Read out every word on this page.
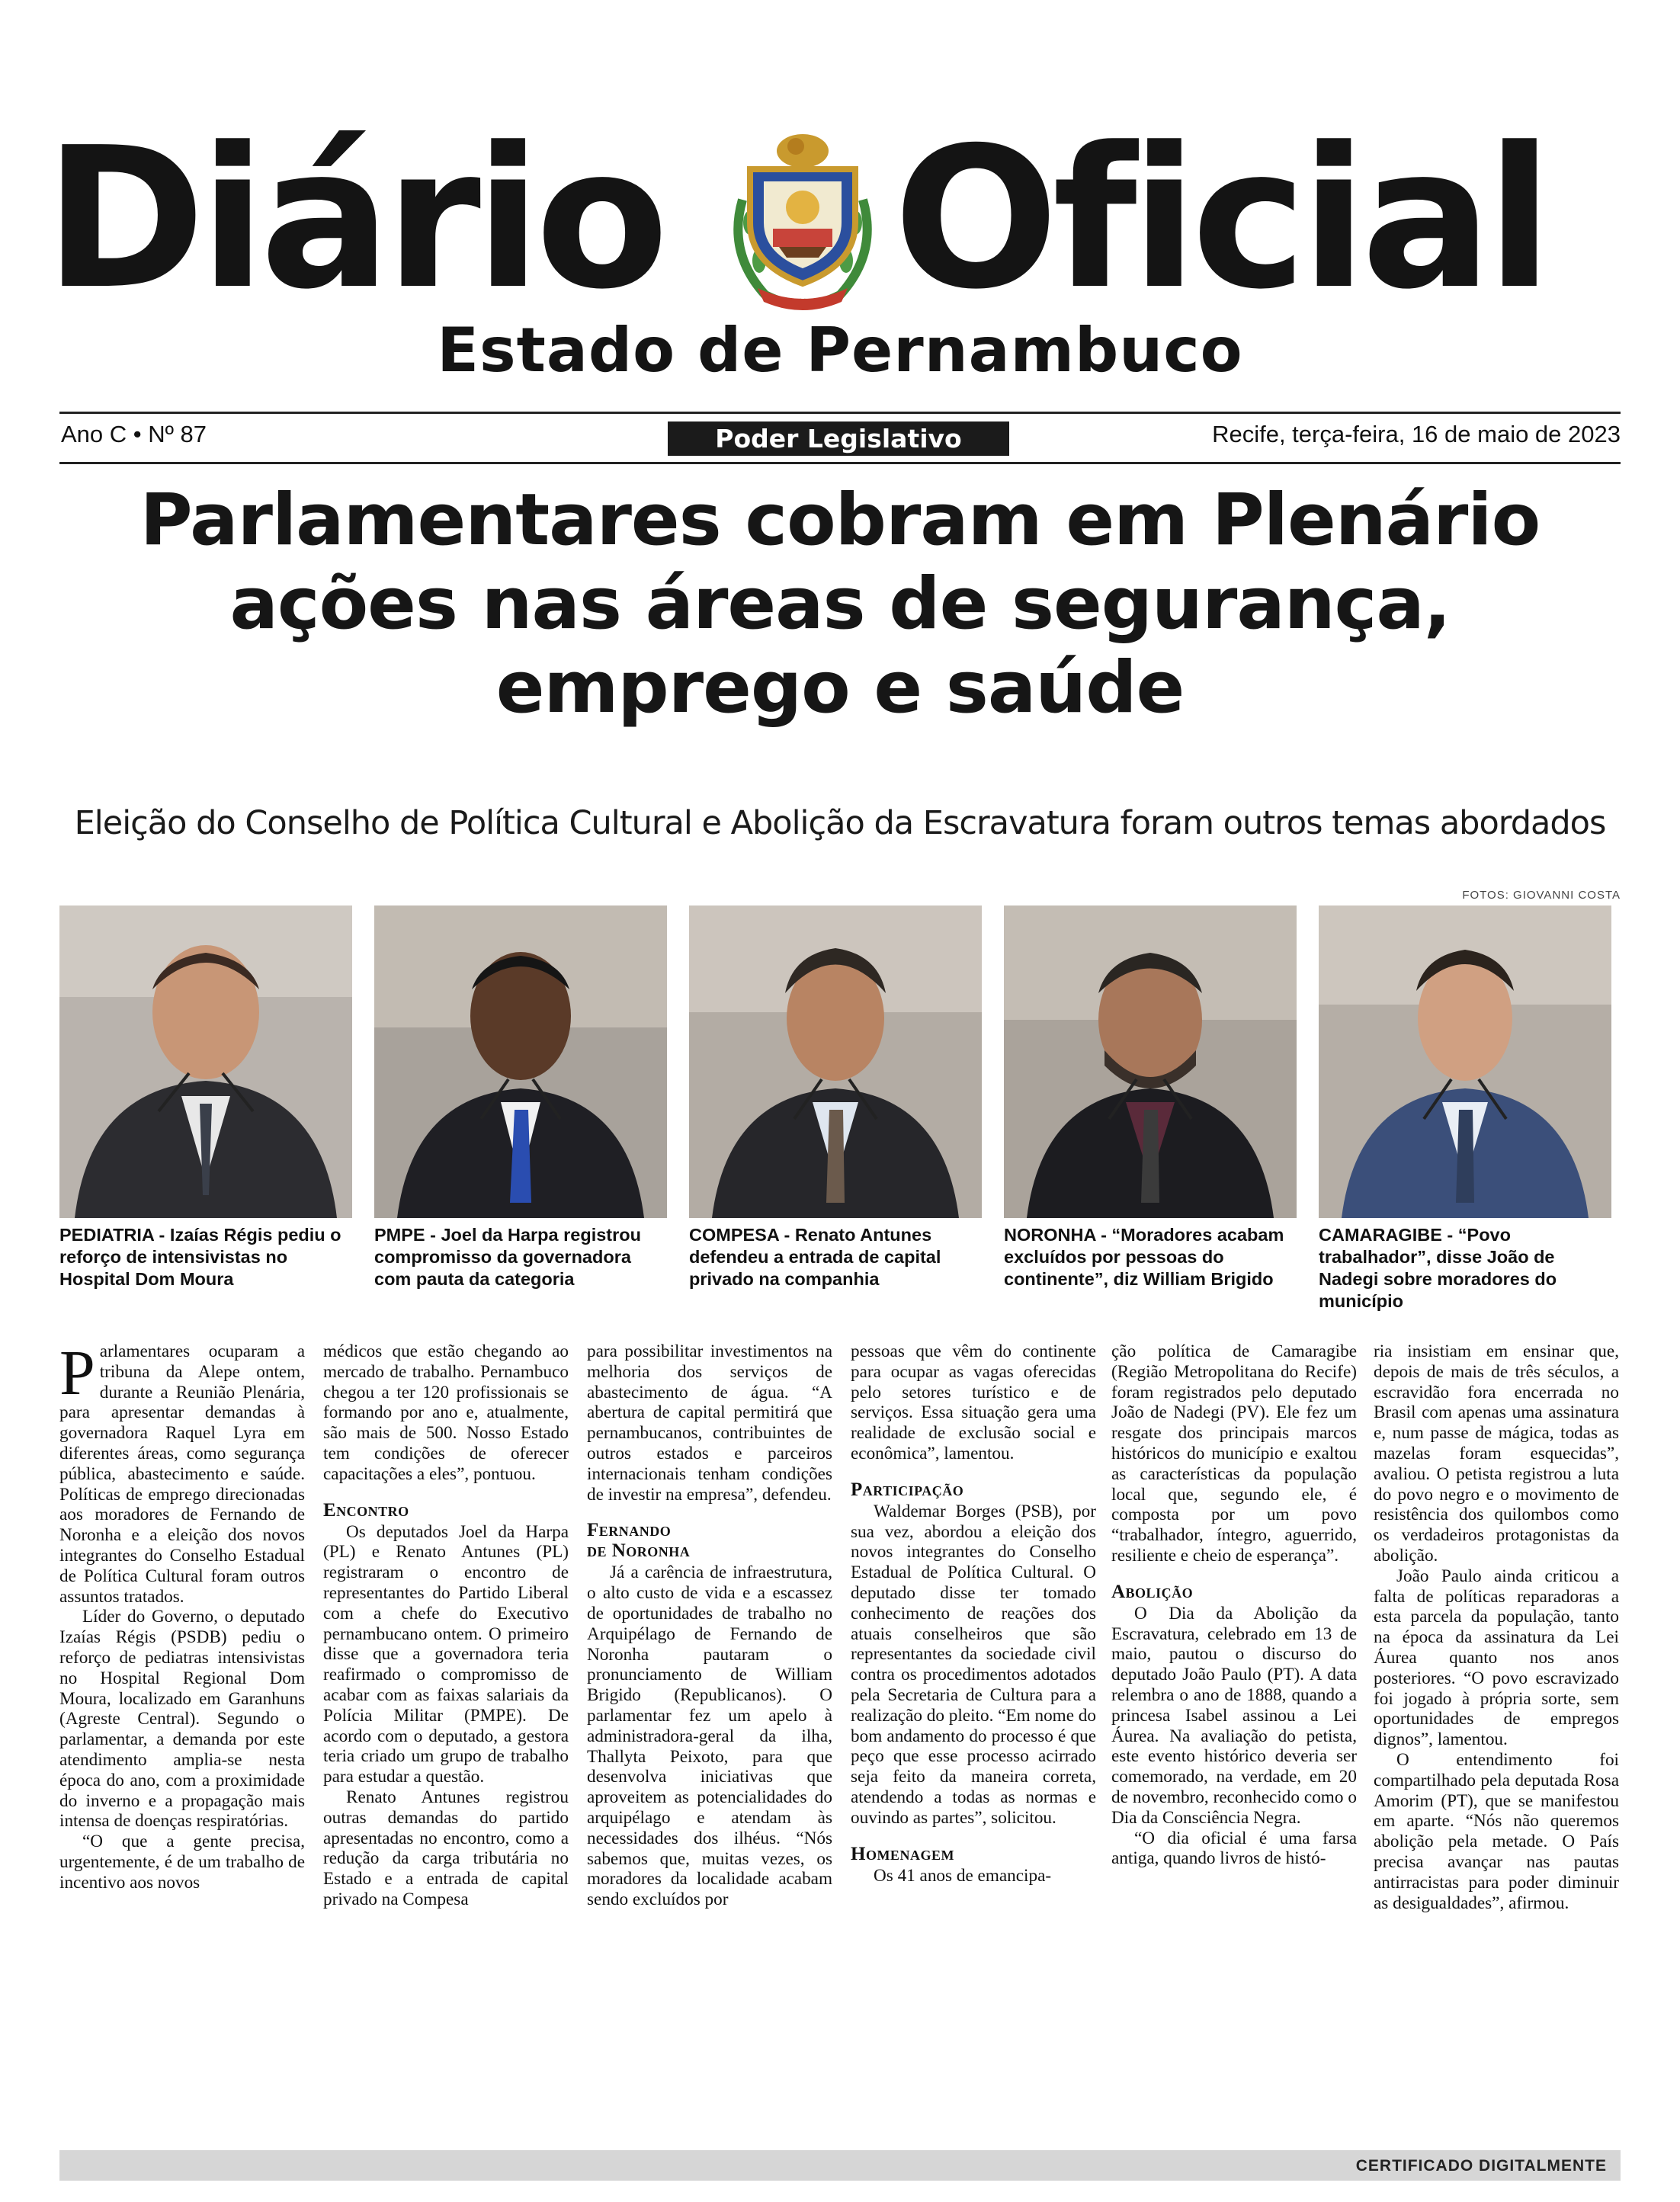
Diário Oficial
Estado de Pernambuco
Ano C • Nº 87	Poder Legislativo	Recife, terça-feira, 16 de maio de 2023
Parlamentares cobram em Plenário
ações nas áreas de segurança,
emprego e saúde
Eleição do Conselho de Política Cultural e Abolição da Escravatura foram outros temas abordados
FOTOS: GIOVANNI COSTA
PEDIATRIA - Izaías Régis pediu o reforço de intensivistas no Hospital Dom Moura
PMPE - Joel da Harpa registrou compromisso da governadora com pauta da categoria
COMPESA - Renato Antunes defendeu a entrada de capital privado na companhia
NORONHA - “Moradores acabam excluídos por pessoas do continente”, diz William Brigido
CAMARAGIBE - “Povo trabalhador”, disse João de Nadegi sobre moradores do município

Parlamentares ocuparam a tribuna da Alepe ontem, durante a Reunião Plenária, para apresentar demandas à governadora Raquel Lyra em diferentes áreas, como segurança pública, abastecimento e saúde. Políticas de emprego direcionadas aos moradores de Fernando de Noronha e a eleição dos novos integrantes do Conselho Estadual de Política Cultural foram outros assuntos tratados.

Líder do Governo, o deputado Izaías Régis (PSDB) pediu o reforço de pediatras intensivistas no Hospital Regional Dom Moura, localizado em Garanhuns (Agreste Central). Segundo o parlamentar, a demanda por este atendimento amplia-se nesta época do ano, com a proximidade do inverno e a propagação mais intensa de doenças respiratórias.

“O que a gente precisa, urgentemente, é de um trabalho de incentivo aos novos

médicos que estão chegando ao mercado de trabalho. Pernambuco chegou a ter 120 profissionais se formando por ano e, atualmente, são mais de 500. Nosso Estado tem condições de oferecer capacitações a eles”, pontuou.

Encontro

Os deputados Joel da Harpa (PL) e Renato Antunes (PL) registraram o encontro de representantes do Partido Liberal com a chefe do Executivo pernambucano ontem. O primeiro disse que a governadora teria reafirmado o compromisso de acabar com as faixas salariais da Polícia Militar (PMPE). De acordo com o deputado, a gestora teria criado um grupo de trabalho para estudar a questão.

Renato Antunes registrou outras demandas do partido apresentadas no encontro, como a redução da carga tributária no Estado e a entrada de capital privado na Compesa

para possibilitar investimentos na melhoria dos serviços de abastecimento de água. “A abertura de capital permitirá que pernambucanos, contribuintes de outros estados e parceiros internacionais tenham condições de investir na empresa”, defendeu.

Fernando
de Noronha

Já a carência de infraestrutura, o alto custo de vida e a escassez de oportunidades de trabalho no Arquipélago de Fernando de Noronha pautaram o pronunciamento de William Brigido (Republicanos). O parlamentar fez um apelo à administradora-geral da ilha, Thallyta Peixoto, para que desenvolva iniciativas que aproveitem as potencialidades do arquipélago e atendam às necessidades dos ilhéus. “Nós sabemos que, muitas vezes, os moradores da localidade acabam sendo excluídos por

pessoas que vêm do continente para ocupar as vagas oferecidas pelo setores turístico e de serviços. Essa situação gera uma realidade de exclusão social e econômica”, lamentou.

Participação

Waldemar Borges (PSB), por sua vez, abordou a eleição dos novos integrantes do Conselho Estadual de Política Cultural. O deputado disse ter tomado conhecimento de reações dos atuais conselheiros que são representantes da sociedade civil contra os procedimentos adotados pela Secretaria de Cultura para a realização do pleito. “Em nome do bom andamento do processo é que peço que esse processo acirrado seja feito da maneira correta, atendendo a todas as normas e ouvindo as partes”, solicitou.

Homenagem

Os 41 anos de emancipa-

ção política de Camaragibe (Região Metropolitana do Recife) foram registrados pelo deputado João de Nadegi (PV). Ele fez um resgate dos principais marcos históricos do município e exaltou as características da população local que, segundo ele, é composta por um povo “trabalhador, íntegro, aguerrido, resiliente e cheio de esperança”.

Abolição

O Dia da Abolição da Escravatura, celebrado em 13 de maio, pautou o discurso do deputado João Paulo (PT). A data relembra o ano de 1888, quando a princesa Isabel assinou a Lei Áurea. Na avaliação do petista, este evento histórico deveria ser comemorado, na verdade, em 20 de novembro, reconhecido como o Dia da Consciência Negra.

“O dia oficial é uma farsa antiga, quando livros de histó-

ria insistiam em ensinar que, depois de mais de três séculos, a escravidão fora encerrada no Brasil com apenas uma assinatura e, num passe de mágica, todas as mazelas foram esquecidas”, avaliou. O petista registrou a luta do povo negro e o movimento de resistência dos quilombos como os verdadeiros protagonistas da abolição.

João Paulo ainda criticou a falta de políticas reparadoras a esta parcela da população, tanto na época da assinatura da Lei Áurea quanto nos anos posteriores. “O povo escravizado foi jogado à própria sorte, sem oportunidades de empregos dignos”, lamentou.

O entendimento foi compartilhado pela deputada Rosa Amorim (PT), que se manifestou em aparte. “Nós não queremos abolição pela metade. O País precisa avançar nas pautas antirracistas para poder diminuir as desigualdades”, afirmou.

CERTIFICADO DIGITALMENTE
